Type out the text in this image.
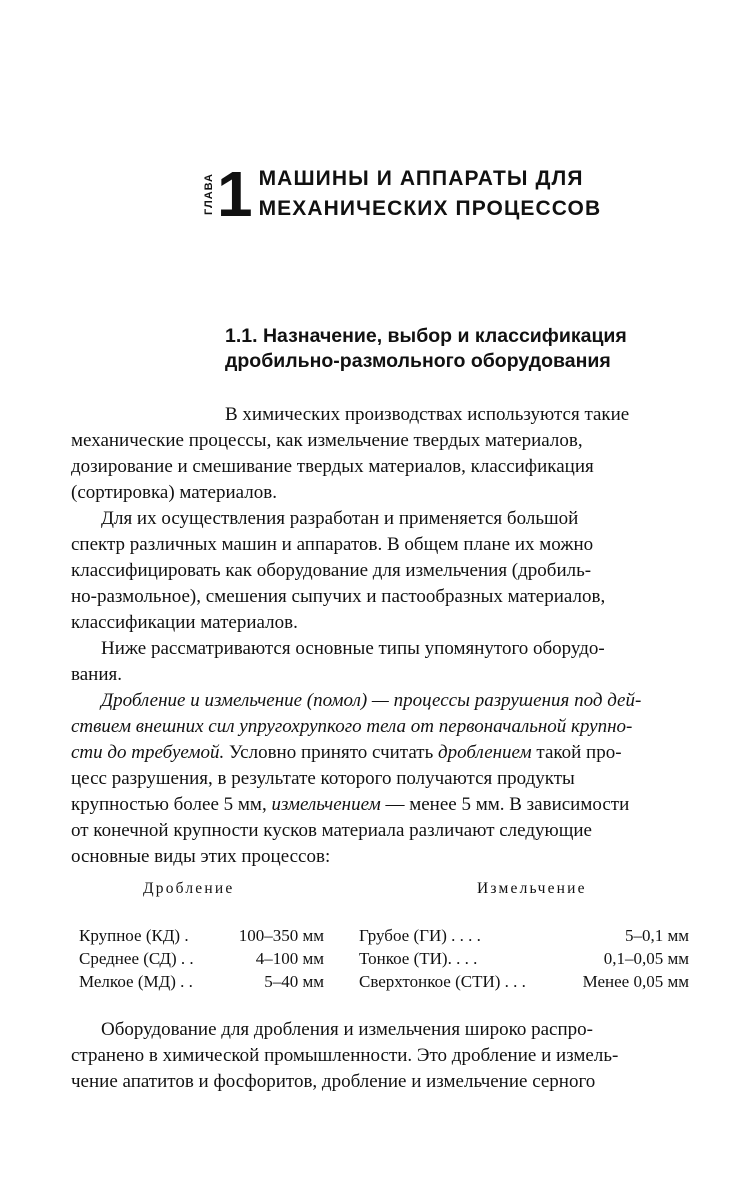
ГЛАВА 1 МАШИНЫ И АППАРАТЫ ДЛЯ
МЕХАНИЧЕСКИХ ПРОЦЕССОВ
1.1. Назначение, выбор и классификация
дробильно-размольного оборудования

В химических производствах используются такие

механические процессы, как измельчение твердых материалов,

дозирование и смешивание твердых материалов, классификация

(сортировка) материалов.

Для их осуществления разработан и применяется большой

спектр различных машин и аппаратов. В общем плане их можно

классифицировать как оборудование для измельчения (дробиль-

но-размольное), смешения сыпучих и пастообразных материалов,

классификации материалов.

Ниже рассматриваются основные типы упомянутого оборудо-

вания.

Дробление и измельчение (помол) — процессы разрушения под дей-

ствием внешних сил упругохрупкого тела от первоначальной крупно-

сти до требуемой. Условно принято считать дроблением такой про-

цесс разрушения, в результате которого получаются продукты

крупностью более 5 мм, измельчением — менее 5 мм. В зависимости

от конечной крупности кусков материала различают следующие

основные виды этих процессов:

Дробление
Крупное (КД) .	100–350 мм
Среднее (СД) . .	4–100 мм
Мелкое (МД) . .	5–40 мм
Измельчение
Грубое (ГИ) . . . .	5–0,1 мм
Тонкое (ТИ). . . .	0,1–0,05 мм
Сверхтонкое (СТИ) . . .	Менее 0,05 мм

Оборудование для дробления и измельчения широко распро-

странено в химической промышленности. Это дробление и измель-

чение апатитов и фосфоритов, дробление и измельчение серного
